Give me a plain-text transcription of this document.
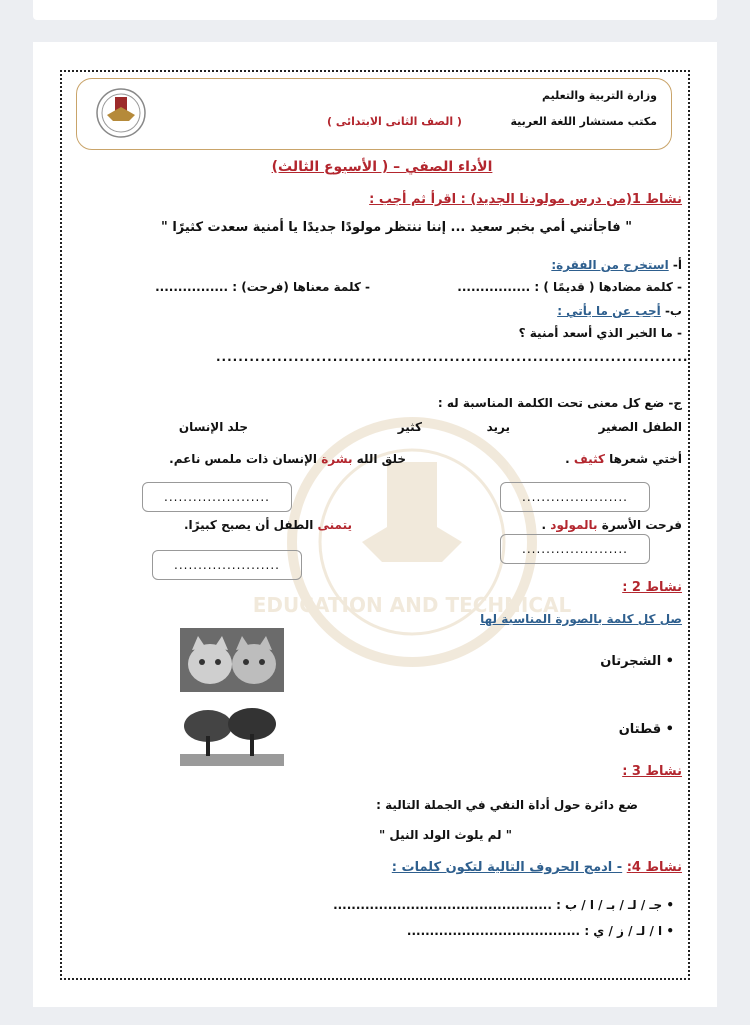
EDUCATION AND TECHNICAL
وزارة التربية والتعليم
مكتب مستشار اللغة العربية
( الصف الثانى الابتدائى )
الأداء الصفي – ( الأسبوع الثالث)
نشاط 1(من درس مولودنا الجديد) : اقرأ ثم أجب :
" فاجأتني أمي بخبر سعيد ... إننا ننتظر مولودًا جديدًا يا أمنية سعدت كثيرًا "
أ- استخرج من الفقرة:
- كلمة مضادها ( قديمًا ) : ................
- كلمة معناها (فرحت) : ................
ب- أجب عن ما يأتي :
- ما الخبر الذي أسعد أمنية ؟
.....................................................................................
ج- ضع كل معنى تحت الكلمة المناسبة له :
الطفل الصغير
يريد
كثير
جلد الإنسان
أختي شعرها كثيف .
خلق الله بشرة الإنسان ذات ملمس ناعم.
......................
......................
فرحت الأسرة بالمولود .
يتمنى الطفل أن يصبح كبيرًا.
......................
......................
نشاط 2 :
صل كل كلمة بالصورة المناسبة لها
• الشجرتان
• قطتان
نشاط 3 :
ضع دائرة حول أداة النفي في الجملة التالية :
" لم يلوث الولد النيل "
نشاط 4: - ادمج الحروف التالية لتكون كلمات :
• جـ / لـ / بـ / ا / ب : ................................................
• ا / لـ / ز / ي : ......................................
